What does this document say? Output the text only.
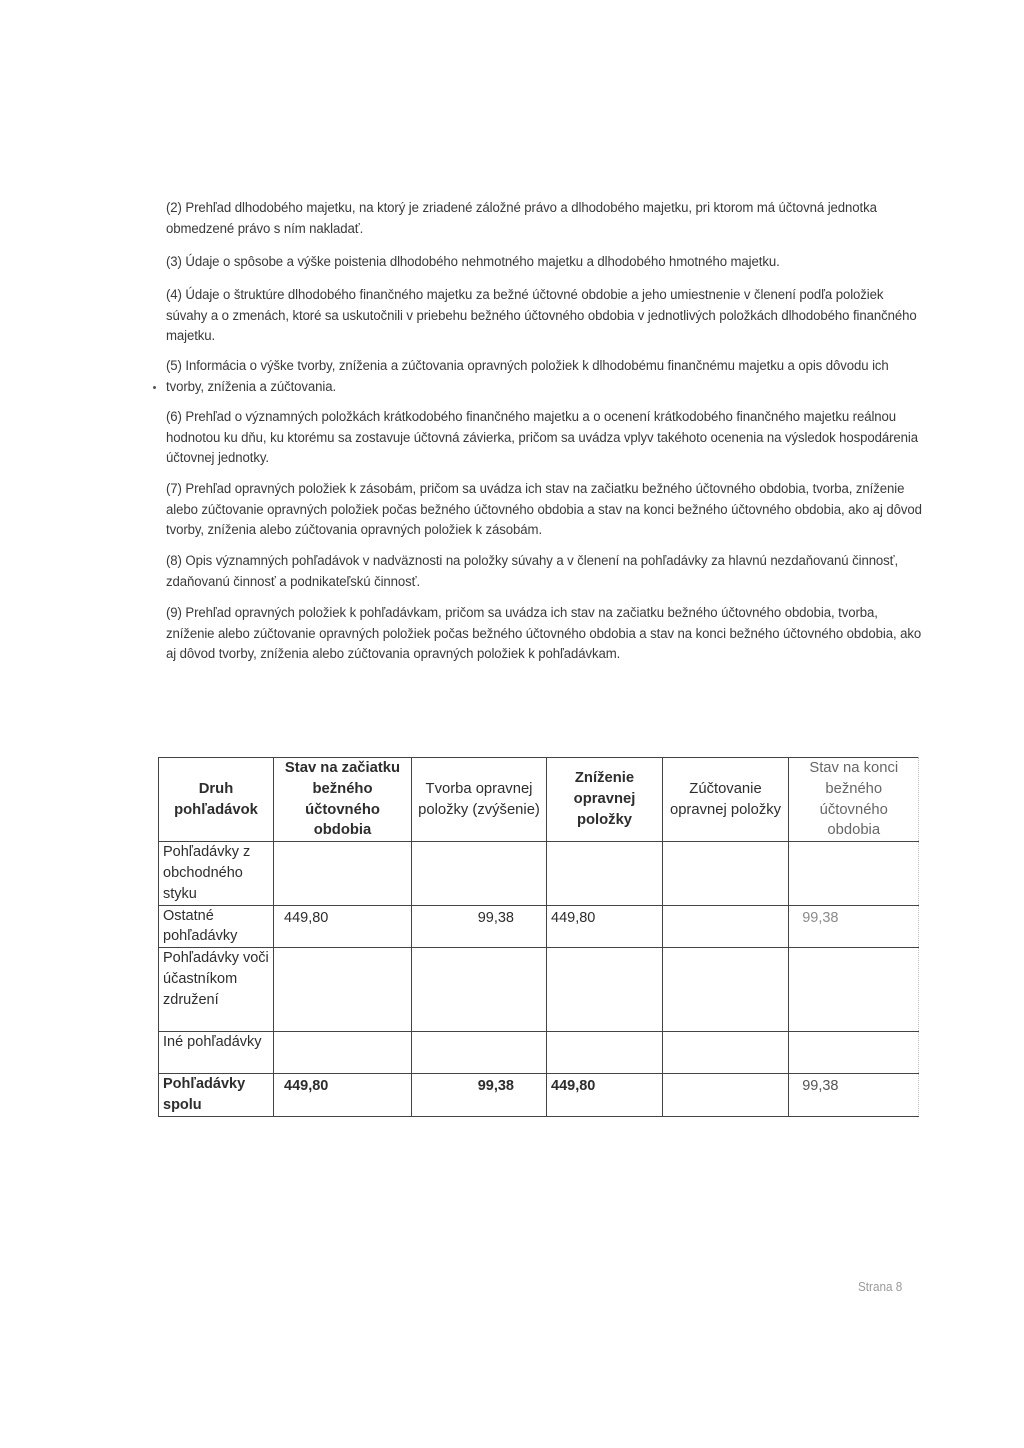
(2) Prehľad dlhodobého majetku, na ktorý je zriadené záložné právo a dlhodobého majetku, pri ktorom má účtovná jednotka obmedzené právo s ním nakladať.

(3) Údaje o spôsobe a výške poistenia dlhodobého nehmotného majetku a dlhodobého hmotného majetku.

(4) Údaje o štruktúre dlhodobého finančného majetku za bežné účtovné obdobie a jeho umiestnenie v členení podľa položiek súvahy a o zmenách, ktoré sa uskutočnili v priebehu bežného účtovného obdobia v jednotlivých položkách dlhodobého finančného majetku.

(5) Informácia o výške tvorby, zníženia a zúčtovania opravných položiek k dlhodobému finančnému majetku a opis dôvodu ich tvorby, zníženia a zúčtovania.

(6) Prehľad o významných položkách krátkodobého finančného majetku a o ocenení krátkodobého finančného majetku reálnou hodnotou ku dňu, ku ktorému sa zostavuje účtovná závierka, pričom sa uvádza vplyv takéhoto ocenenia na výsledok hospodárenia účtovnej jednotky.

(7) Prehľad opravných položiek k zásobám, pričom sa uvádza ich stav na začiatku bežného účtovného obdobia, tvorba, zníženie alebo zúčtovanie opravných položiek počas bežného účtovného obdobia a stav na konci bežného účtovného obdobia, ako aj dôvod tvorby, zníženia alebo zúčtovania opravných položiek k zásobám.

(8) Opis významných pohľadávok v nadväznosti na položky súvahy a v členení na pohľadávky za hlavnú nezdaňovanú činnosť, zdaňovanú činnosť a podnikateľskú činnosť.

(9) Prehľad opravných položiek k pohľadávkam, pričom sa uvádza ich stav na začiatku bežného účtovného obdobia, tvorba, zníženie alebo zúčtovanie opravných položiek počas bežného účtovného obdobia a stav na konci bežného účtovného obdobia, ako aj dôvod tvorby, zníženia alebo zúčtovania opravných položiek k pohľadávkam.

Druh pohľadávok	Stav na začiatku bežného účtovného obdobia	Tvorba opravnej položky (zvýšenie)	Zníženie opravnej položky	Zúčtovanie opravnej položky	Stav na konci bežného účtovného obdobia
Pohľadávky z obchodného styku					
Ostatné pohľadávky	449,80	99,38	449,80		99,38
Pohľadávky voči účastníkom združení					
Iné pohľadávky					
Pohľadávky spolu	449,80	99,38	449,80		99,38
Strana 8
